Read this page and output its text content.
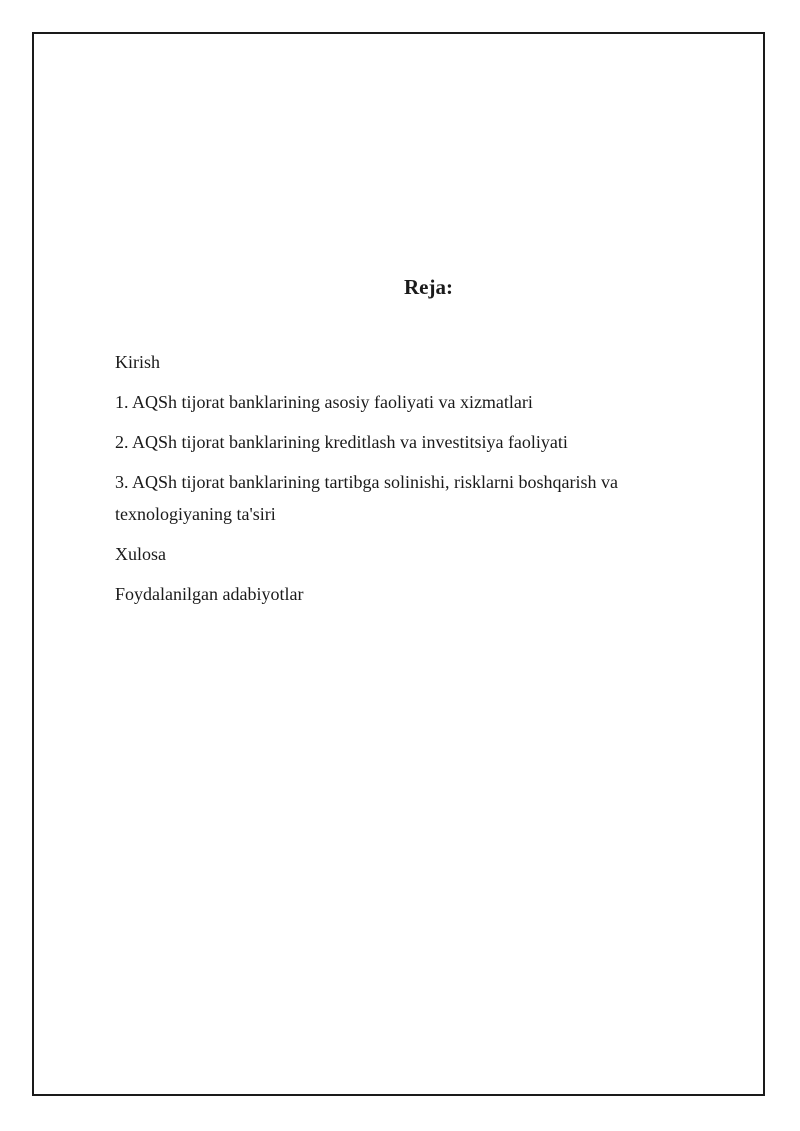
Reja:
Kirish
1. AQSh tijorat banklarining asosiy faoliyati va xizmatlari
2. AQSh tijorat banklarining kreditlash va investitsiya faoliyati
3. AQSh tijorat banklarining tartibga solinishi, risklarni boshqarish va texnologiyaning ta'siri
Xulosa
Foydalanilgan adabiyotlar
